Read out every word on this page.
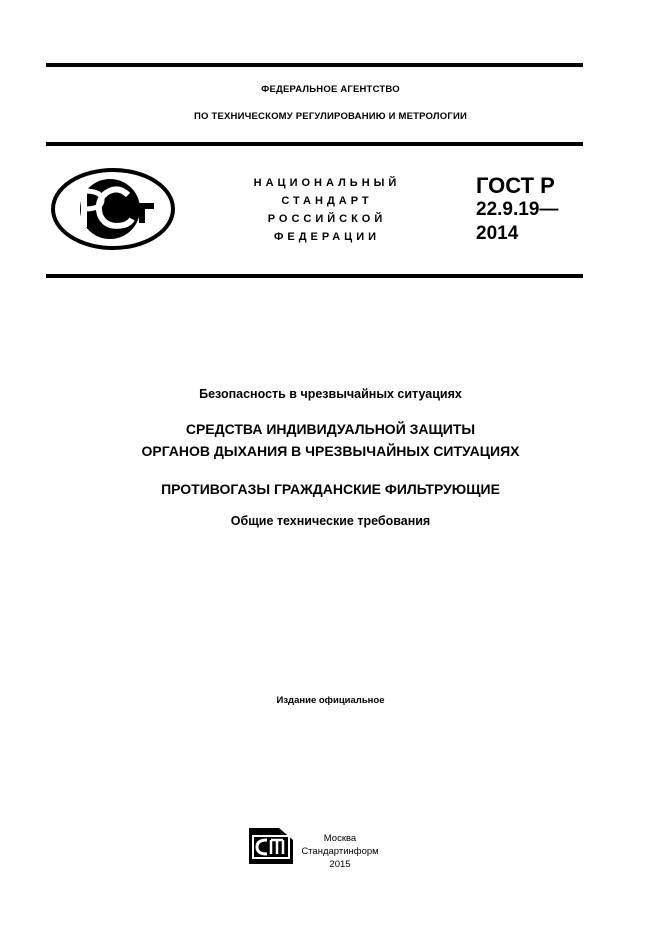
ФЕДЕРАЛЬНОЕ АГЕНТСТВО
ПО ТЕХНИЧЕСКОМУ РЕГУЛИРОВАНИЮ И МЕТРОЛОГИИ
НАЦИОНАЛЬНЫЙ
СТАНДАРТ
РОССИЙСКОЙ
ФЕДЕРАЦИИ
ГОСТ Р
22.9.19—
2014
Безопасность в чрезвычайных ситуациях
СРЕДСТВА ИНДИВИДУАЛЬНОЙ ЗАЩИТЫ
ОРГАНОВ ДЫХАНИЯ В ЧРЕЗВЫЧАЙНЫХ СИТУАЦИЯХ
ПРОТИВОГАЗЫ ГРАЖДАНСКИЕ ФИЛЬТРУЮЩИЕ
Общие технические требования
Издание официальное
Москва
Стандартинформ
2015
